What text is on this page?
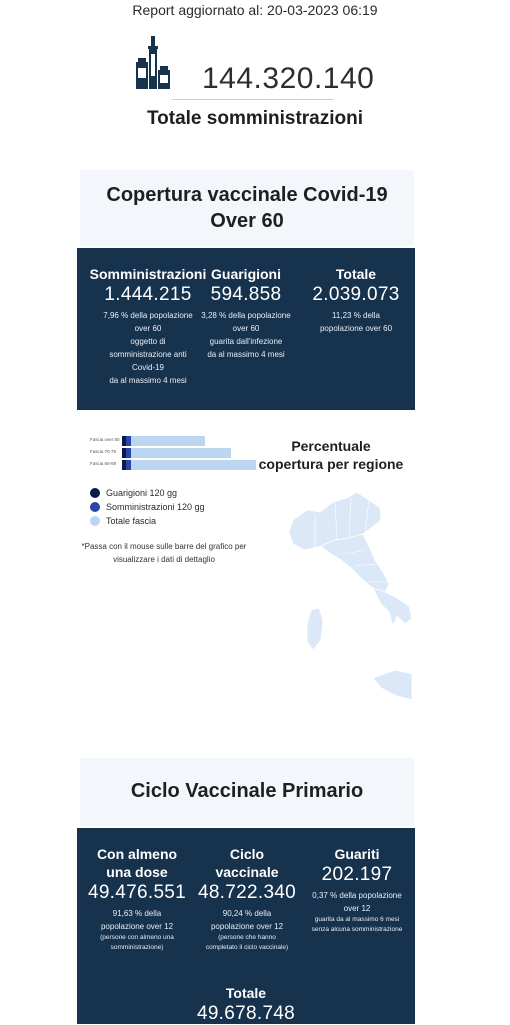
Report aggiornato al: 20-03-2023 06:19
144.320.140
Totale somministrazioni
Copertura vaccinale Covid-19
Over 60
Somministrazioni
1.444.215
7,96 % della popolazione
over 60
oggetto di
somministrazione anti
Covid-19
da al massimo 4 mesi
Guarigioni
594.858
3,28 % della popolazione
over 60
guarita dall'infezione
da al massimo 4 mesi
Totale
2.039.073
11,23 % della
popolazione over 60
Fascia over 80
Fascia 70-79
Fascia 60-69
Guarigioni 120 gg
Somministrazioni 120 gg
Totale fascia
*Passa con il mouse sulle barre del grafico per
visualizzare i dati di dettaglio
Percentuale
copertura per regione
Ciclo Vaccinale Primario
Con almeno
una dose
49.476.551
91,63 % della
popolazione over 12
(persone con almeno una
somministrazione)
Ciclo
vaccinale
48.722.340
90,24 % della
popolazione over 12
(persone che hanno
completato il ciclo vaccinale)
Guariti
202.197
0,37 % della popolazione
over 12
guarita da al massimo 6 mesi
senza alcuna somministrazione
Totale
49.678.748
